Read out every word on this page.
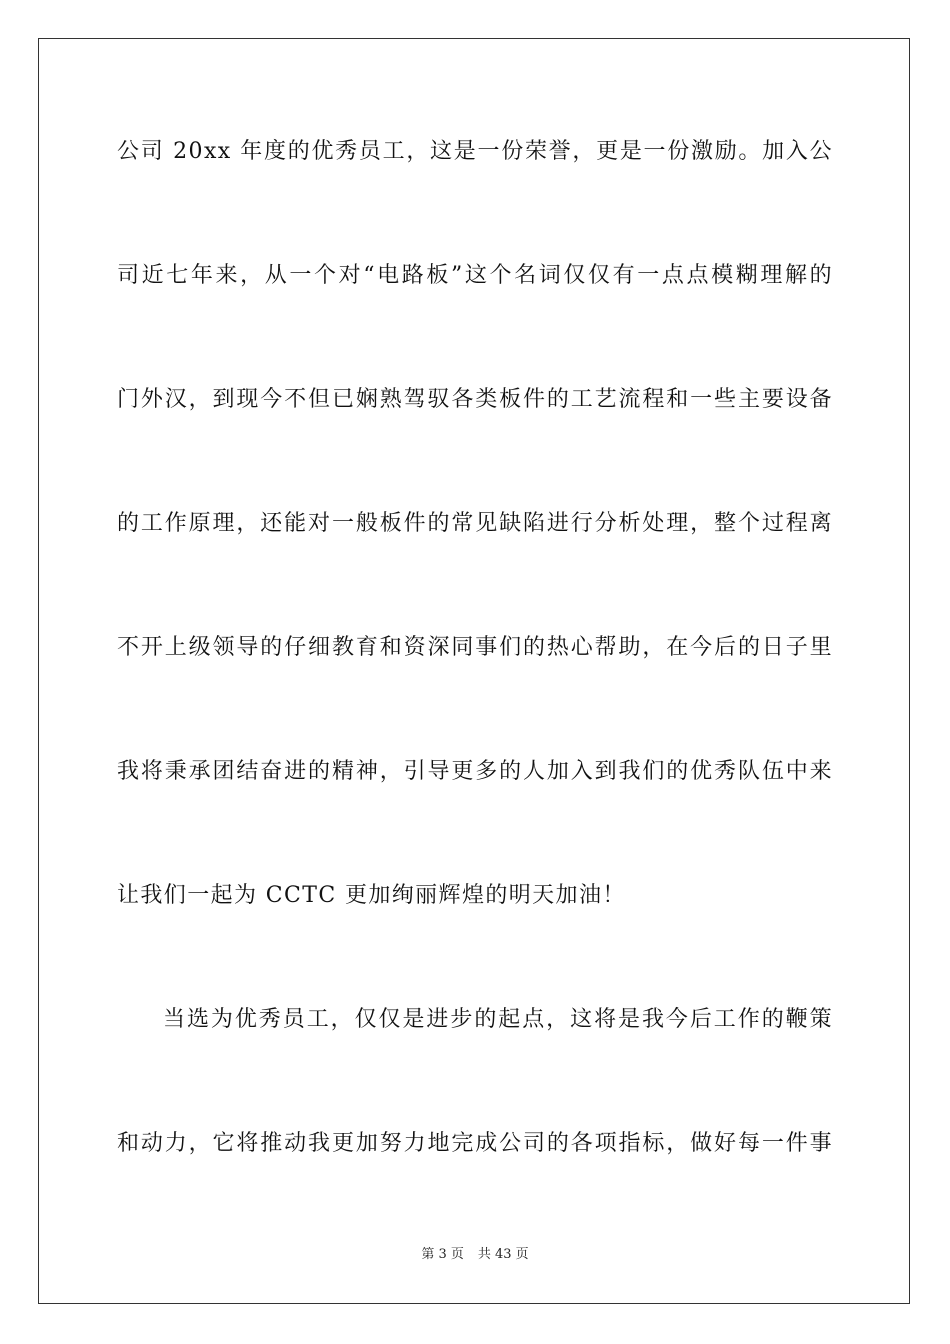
公司 20xx 年度的优秀员工，这是一份荣誉，更是一份激励。加入公
司近七年来，从一个对“电路板”这个名词仅仅有一点点模糊理解的
门外汉，到现今不但已娴熟驾驭各类板件的工艺流程和一些主要设备
的工作原理，还能对一般板件的常见缺陷进行分析处理，整个过程离
不开上级领导的仔细教育和资深同事们的热心帮助，在今后的日子里
我将秉承团结奋进的精神，引导更多的人加入到我们的优秀队伍中来
让我们一起为 CCTC 更加绚丽辉煌的明天加油！
当选为优秀员工，仅仅是进步的起点，这将是我今后工作的鞭策
和动力，它将推动我更加努力地完成公司的各项指标，做好每一件事
第 3 页 共 43 页
